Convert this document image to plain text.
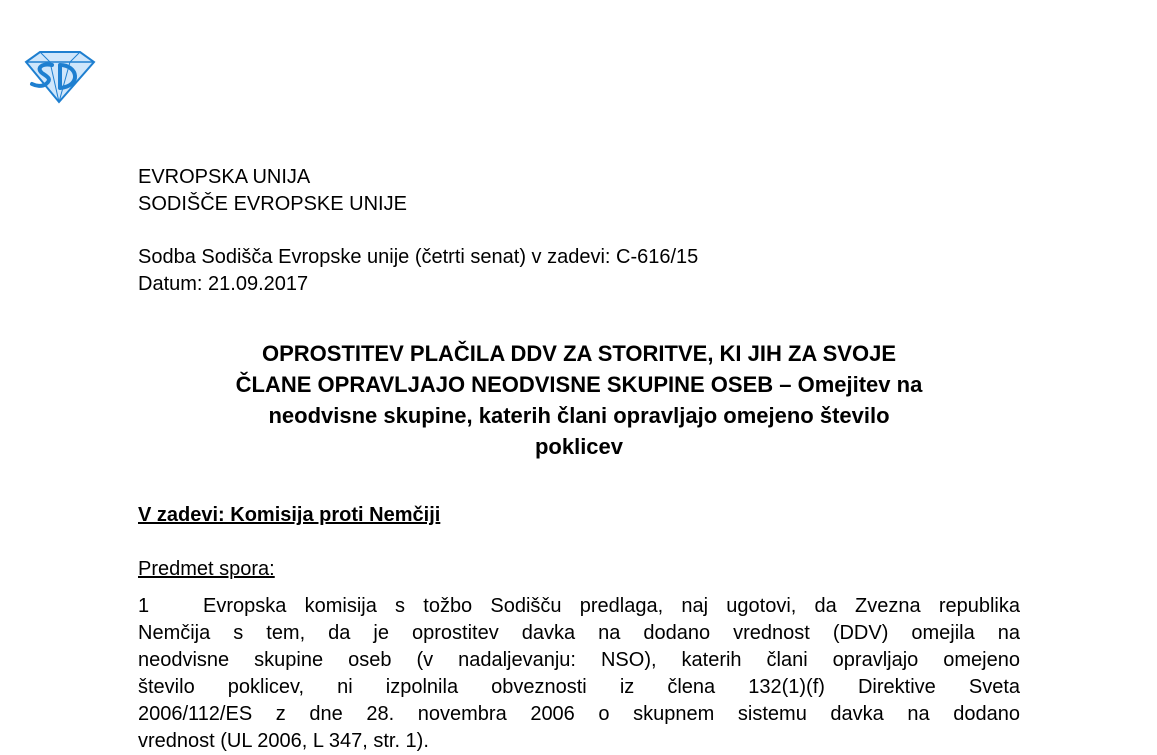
EVROPSKA UNIJA
SODIŠČE EVROPSKE UNIJE
Sodba Sodišča Evropske unije (četrti senat) v zadevi: C-616/15
Datum: 21.09.2017
OPROSTITEV PLAČILA DDV ZA STORITVE, KI JIH ZA SVOJE
ČLANE OPRAVLJAJO NEODVISNE SKUPINE OSEB – Omejitev na
neodvisne skupine, katerih člani opravljajo omejeno število
poklicev
V zadevi: Komisija proti Nemčiji
Predmet spora:
1	Evropska komisija s tožbo Sodišču predlaga, naj ugotovi, da Zvezna republika
Nemčija s tem, da je oprostitev davka na dodano vrednost (DDV) omejila na
neodvisne skupine oseb (v nadaljevanju: NSO), katerih člani opravljajo omejeno
število poklicev, ni izpolnila obveznosti iz člena 132(1)(f) Direktive Sveta
2006/112/ES z dne 28. novembra 2006 o skupnem sistemu davka na dodano
vrednost (UL 2006, L 347, str. 1).
